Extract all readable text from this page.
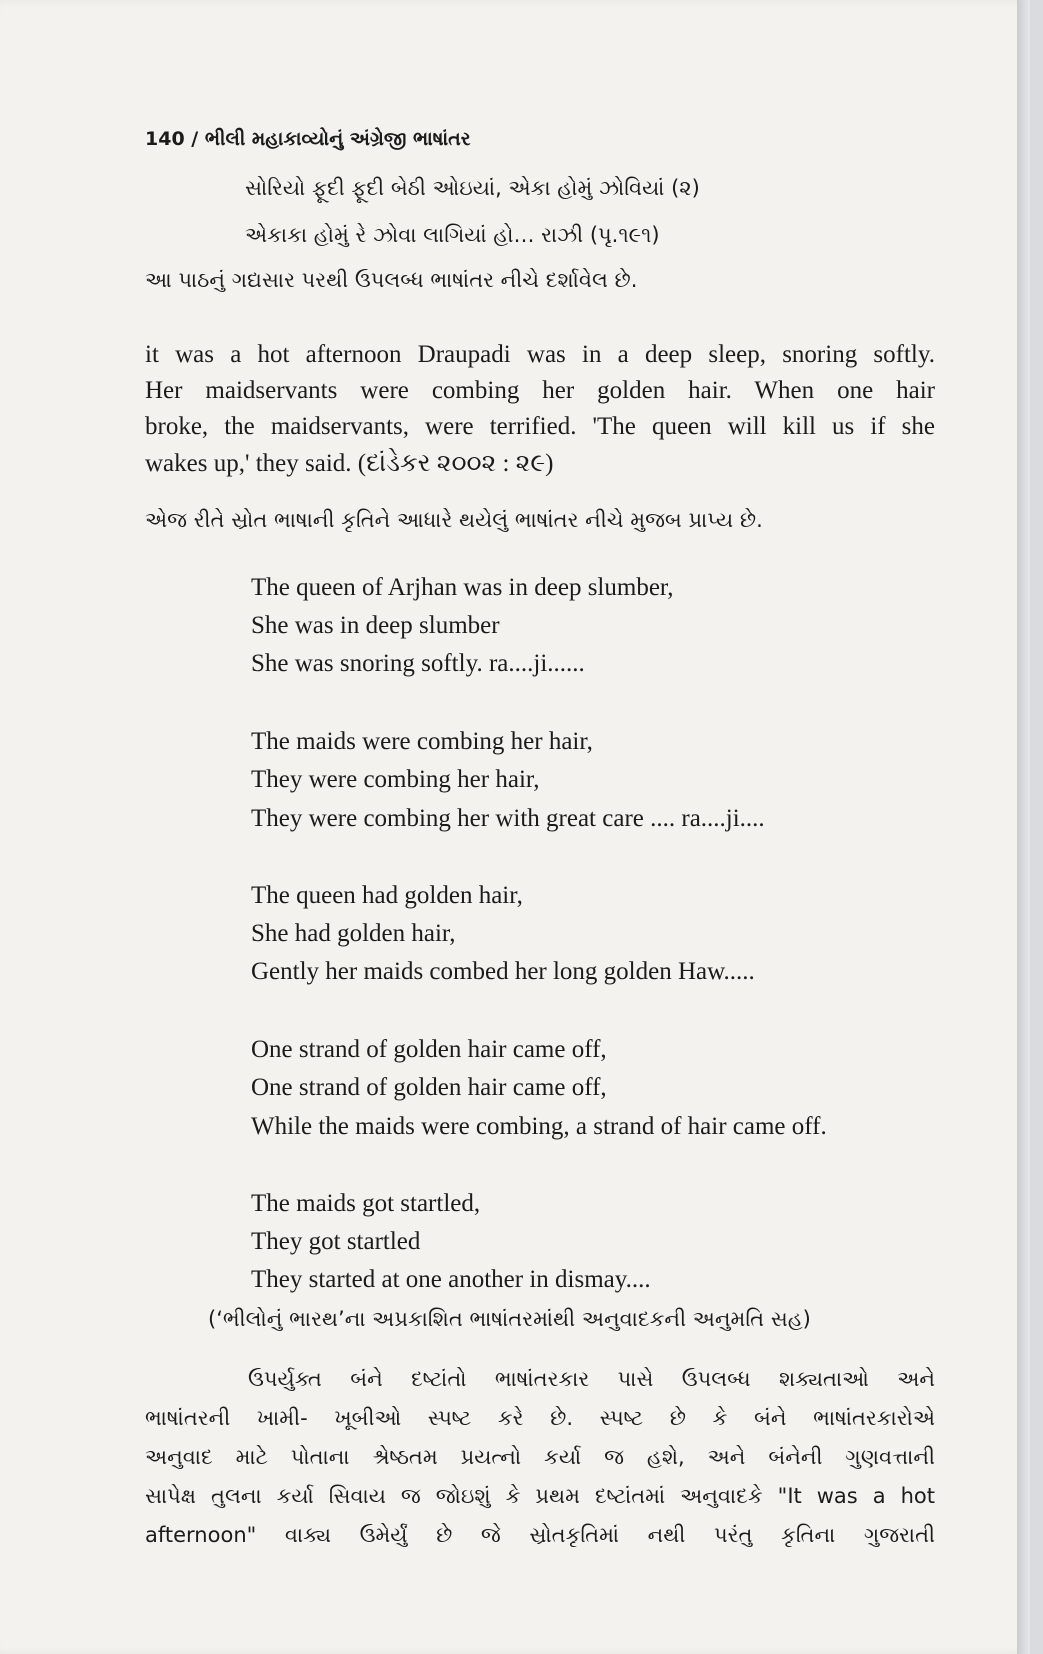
140 / ભીલી મહાકાવ્યોનું અંગ્રેજી ભાષાંતર
સોરિયો ફૂદી ફૂદી બેઠી ઓઇયાં, એકા હોમું ઝોવિયાં (૨)
એકાકા હોમું રે ઝોવા લાગિયાં હો… રાઝી (પૃ.૧૯૧)
આ પાઠનું ગદ્યસાર પરથી ઉપલબ્ધ ભાષાંતર નીચે દર્શાવેલ છે.
it was a hot afternoon Draupadi was in a deep sleep, snoring softly.
Her maidservants were combing her golden hair. When one hair
broke, the maidservants, were terrified. 'The queen will kill us if she
wakes up,' they said. (દાંડેકર ૨૦૦૨ : ૨૯)
એજ રીતે સ્રોત ભાષાની કૃતિને આધારે થયેલું ભાષાંતર નીચે મુજબ પ્રાપ્ય છે.
The queen of Arjhan was in deep slumber,
She was in deep slumber
She was snoring softly. ra....ji......
The maids were combing her hair,
They were combing her hair,
They were combing her with great care .... ra....ji....
The queen had golden hair,
She had golden hair,
Gently her maids combed her long golden Haw.....
One strand of golden hair came off,
One strand of golden hair came off,
While the maids were combing, a strand of hair came off.
The maids got startled,
They got startled
They started at one another in dismay....
(‘ભીલોનું ભારથ’ના અપ્રકાશિત ભાષાંતરમાંથી અનુવાદકની અનુમતિ સહ)
ઉપર્યુક્ત બંને દષ્ટાંતો ભાષાંતરકાર પાસે ઉપલબ્ધ શક્યતાઓ અને
ભાષાંતરની ખામી- ખૂબીઓ સ્પષ્ટ કરે છે. સ્પષ્ટ છે કે બંને ભાષાંતરકારોએ
અનુવાદ માટે પોતાના શ્રેષ્ઠતમ પ્રયત્નો કર્યા જ હશે, અને બંનેની ગુણવત્તાની
સાપેક્ષ તુલના કર્યા સિવાય જ જોઇશું કે પ્રથમ દષ્ટાંતમાં અનુવાદકે "It was a hot
afternoon" વાક્ય ઉમેર્યું છે જે સ્રોતકૃતિમાં નથી પરંતુ કૃતિના ગુજરાતી
